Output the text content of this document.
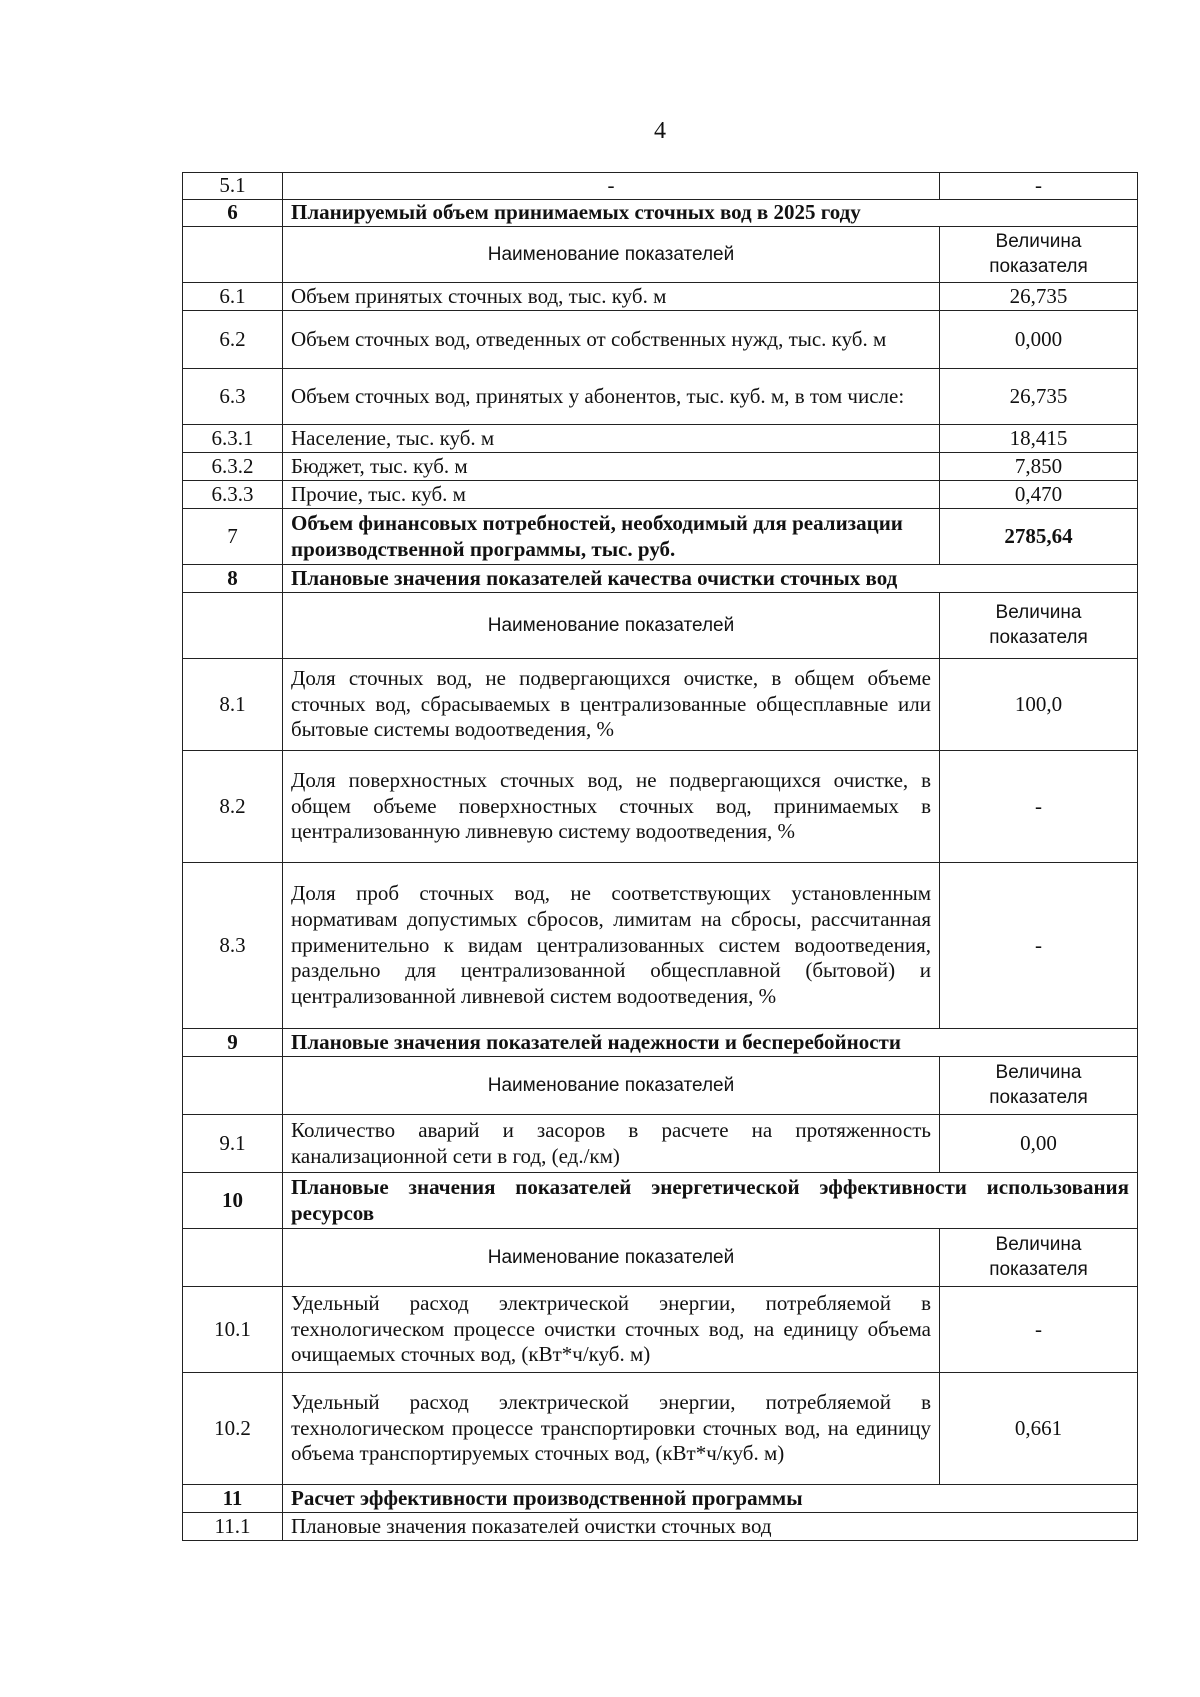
4
5.1	-	-
6	Планируемый объем принимаемых сточных вод в 2025 году	
	Наименование показателей	Величина показателя
6.1	Объем принятых сточных вод, тыс. куб. м	26,735
6.2	Объем сточных вод, отведенных от собственных нужд, тыс. куб. м	0,000
6.3	Объем сточных вод, принятых у абонентов, тыс. куб. м, в том числе:	26,735
6.3.1	Население, тыс. куб. м	18,415
6.3.2	Бюджет, тыс. куб. м	7,850
6.3.3	Прочие, тыс. куб. м	0,470
7	Объем финансовых потребностей, необходимый для реализации производственной программы, тыс. руб.	2785,64
8	Плановые значения показателей качества очистки сточных вод	
	Наименование показателей	Величина показателя
8.1	Доля сточных вод, не подвергающихся очистке, в общем объеме сточных вод, сбрасываемых в централизованные общесплавные или бытовые системы водоотведения, %	100,0
8.2	Доля поверхностных сточных вод, не подвергающихся очистке, в общем объеме поверхностных сточных вод, принимаемых в централизованную ливневую систему водоотведения, %	-
8.3	Доля проб сточных вод, не соответствующих установленным нормативам допустимых сбросов, лимитам на сбросы, рассчитанная применительно к видам централизованных систем водоотведения, раздельно для централизованной общесплавной (бытовой) и централизованной ливневой систем водоотведения, %	-
9	Плановые значения показателей надежности и бесперебойности	
	Наименование показателей	Величина показателя
9.1	Количество аварий и засоров в расчете на протяженность канализационной сети в год, (ед./км)	0,00
10	Плановые значения показателей энергетической эффективности использования ресурсов	
	Наименование показателей	Величина показателя
10.1	Удельный расход электрической энергии, потребляемой в технологическом процессе очистки сточных вод, на единицу объема очищаемых сточных вод, (кВт*ч/куб. м)	-
10.2	Удельный расход электрической энергии, потребляемой в технологическом процессе транспортировки сточных вод, на единицу объема транспортируемых сточных вод, (кВт*ч/куб. м)	0,661
11	Расчет эффективности производственной программы	
11.1	Плановые значения показателей очистки сточных вод	
